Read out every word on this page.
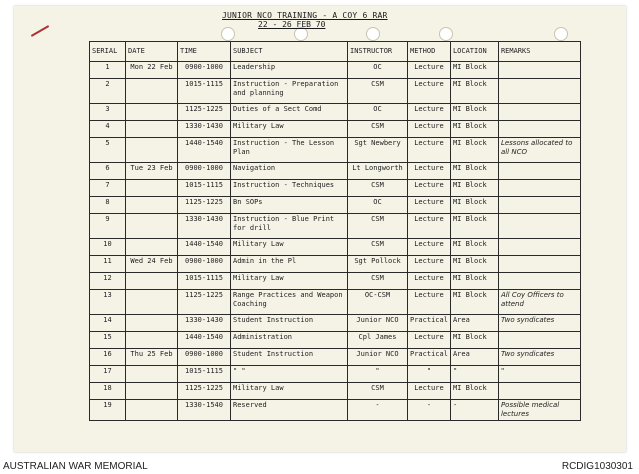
JUNIOR NCO TRAINING - A COY 6 RAR
22 - 26 FEB 70
SERIAL	DATE	TIME	SUBJECT	INSTRUCTOR	METHOD	LOCATION	REMARKS
1	Mon 22 Feb	0900-1000	Leadership	OC	Lecture	MI Block	
2		1015-1115	Instruction - Preparation and planning	CSM	Lecture	MI Block	
3		1125-1225	Duties of a Sect Comd	OC	Lecture	MI Block	
4		1330-1430	Military Law	CSM	Lecture	MI Block	
5		1440-1540	Instruction - The Lesson Plan	Sgt Newbery	Lecture	MI Block	Lessons allocated to all NCO
6	Tue 23 Feb	0900-1000	Navigation	Lt Longworth	Lecture	MI Block	
7		1015-1115	Instruction - Techniques	CSM	Lecture	MI Block	
8		1125-1225	Bn SOPs	OC	Lecture	MI Block	
9		1330-1430	Instruction - Blue Print for drill	CSM	Lecture	MI Block	
10		1440-1540	Military Law	CSM	Lecture	MI Block	
11	Wed 24 Feb	0900-1000	Admin in the Pl	Sgt Pollock	Lecture	MI Block	
12		1015-1115	Military Law	CSM	Lecture	MI Block	
13		1125-1225	Range Practices and Weapon Coaching	OC-CSM	Lecture	MI Block	All Coy Officers to attend
14		1330-1430	Student Instruction	Junior NCO	Practical	Area	Two syndicates
15		1440-1540	Administration	Cpl James	Lecture	MI Block	
16	Thu 25 Feb	0900-1000	Student Instruction	Junior NCO	Practical	Area	Two syndicates
17		1015-1115	" "	"	"	"	"
18		1125-1225	Military Law	CSM	Lecture	MI Block	
19		1330-1540	Reserved	-	-	-	Possible medical lectures
AUSTRALIAN WAR MEMORIAL	RCDIG1030301
